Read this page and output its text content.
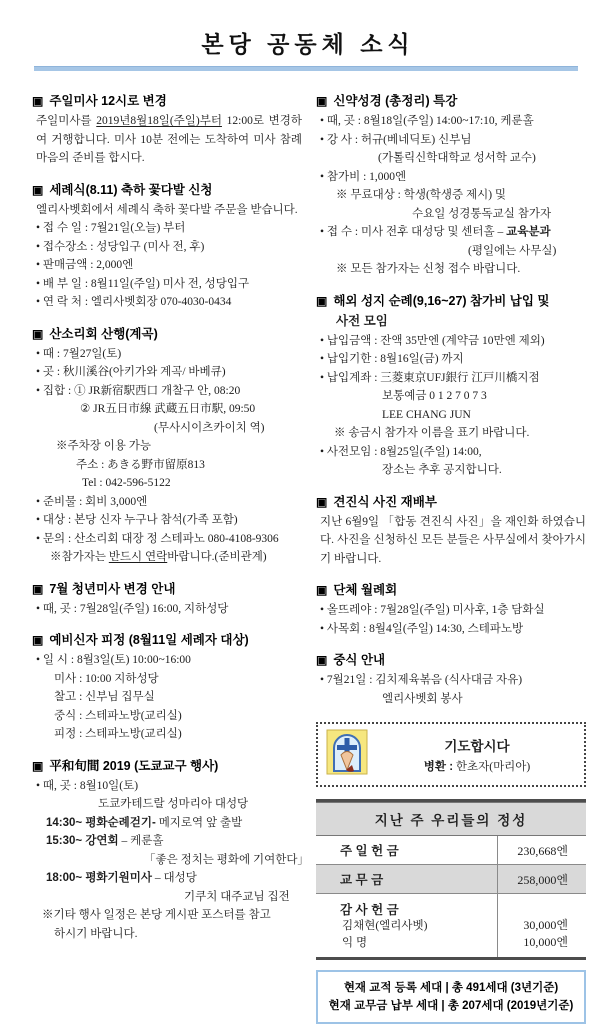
본당 공동체 소식
▣ 주일미사 12시로 변경
주일미사를 2019년8월18일(주일)부터 12:00로 변경하여 거행합니다. 미사 10분 전에는 도착하여 미사 참례 마음의 준비를 합시다.
▣ 세례식(8.11) 축하 꽃다발 신청
엘리사벳회에서 세례식 축하 꽃다발 주문을 받습니다.
• 접 수 일 : 7월21일(오늘) 부터
• 접수장소 : 성당입구 (미사 전, 후)
• 판매금액 : 2,000엔
• 배 부 일 : 8월11일(주일) 미사 전, 성당입구
• 연 락 처 : 엘리사벳회장 070-4030-0434
▣ 산소리회 산행(계곡)
• 때 : 7월27일(토)
• 곳 : 秋川溪谷(아키가와 계곡/ 바베큐)
• 집합 : ① JR新宿駅西口 개찰구 안, 08:20
② JR五日市線 武蔵五日市駅, 09:50
(무사시이츠카이치 역)
※주차장 이용 가능
주소 : あきる野市留原813
Tel : 042-596-5122
• 준비물 : 회비 3,000엔
• 대상 : 본당 신자 누구나 참석(가족 포함)
• 문의 : 산소리회 대장 정 스테파노 080-4108-9306
※참가자는 반드시 연락바랍니다.(준비관계)
▣ 7월 청년미사 변경 안내
• 때, 곳 : 7월28일(주일) 16:00, 지하성당
▣ 예비신자 피정 (8월11일 세례자 대상)
• 일 시 : 8월3일(토) 10:00~16:00
미사 : 10:00 지하성당
찰고 : 신부님 집무실
중식 : 스테파노방(교리실)
피정 : 스테파노방(교리실)
▣ 平和旬間 2019 (도쿄교구 행사)
• 때, 곳 : 8월10일(토)
도쿄카테드랄 성마리아 대성당
14:30~ 평화순례걷기- 메지로역 앞 출발
15:30~ 강연회 – 케룬홀
「좋은 정치는 평화에 기여한다」
18:00~ 평화기원미사 – 대성당
기쿠치 대주교님 집전
※기타 행사 일정은 본당 게시판 포스터를 참고
하시기 바랍니다.
▣ 신약성경 (총정리) 특강
• 때, 곳 : 8월18일(주일) 14:00~17:10, 케룬홀
• 강 사 : 허규(베네딕토) 신부님
(가톨릭신학대학교 성서학 교수)
• 참가비 : 1,000엔
※ 무료대상 : 학생(학생증 제시) 및
수요일 성경통독교실 참가자
• 접 수 : 미사 전후 대성당 및 센터홀 – 교육분과
(평일에는 사무실)
※ 모든 참가자는 신청 접수 바랍니다.
▣ 해외 성지 순례(9,16~27) 참가비 납입 및
사전 모임
• 납입금액 : 잔액 35만엔 (계약금 10만엔 제외)
• 납입기한 : 8월16일(금) 까지
• 납입계좌 : 三菱東京UFJ銀行 江戸川橋지점
보통예금 0 1 2 7 0 7 3
LEE CHANG JUN
※ 송금시 참가자 이름을 표기 바랍니다.
• 사전모임 : 8월25일(주일) 14:00,
장소는 추후 공지합니다.
▣ 견진식 사진 재배부
지난 6월9일 「합동 견진식 사진」을 재인화 하였습니다. 사진을 신청하신 모든 분들은 사무실에서 찾아가시기 바랍니다.
▣ 단체 월례회
• 올뜨레야 : 7월28일(주일) 미사후, 1층 담화실
• 사목회 : 8월4일(주일) 14:30, 스테파노방
▣ 중식 안내
• 7월21일 : 김치제육볶음 (식사대금 자유)
엘리사벳회 봉사
기도합시다
병환 : 한초자(마리아)
지난 주 우리들의 정성
주 일 헌 금	230,668엔
교 무 금	258,000엔
감 사 헌 금
김채현(엘리사벳)
익 명
30,000엔
10,000엔
현재 교적 등록 세대 | 총 491세대 (3년기준)
현재 교무금 납부 세대 | 총 207세대 (2019년기준)
